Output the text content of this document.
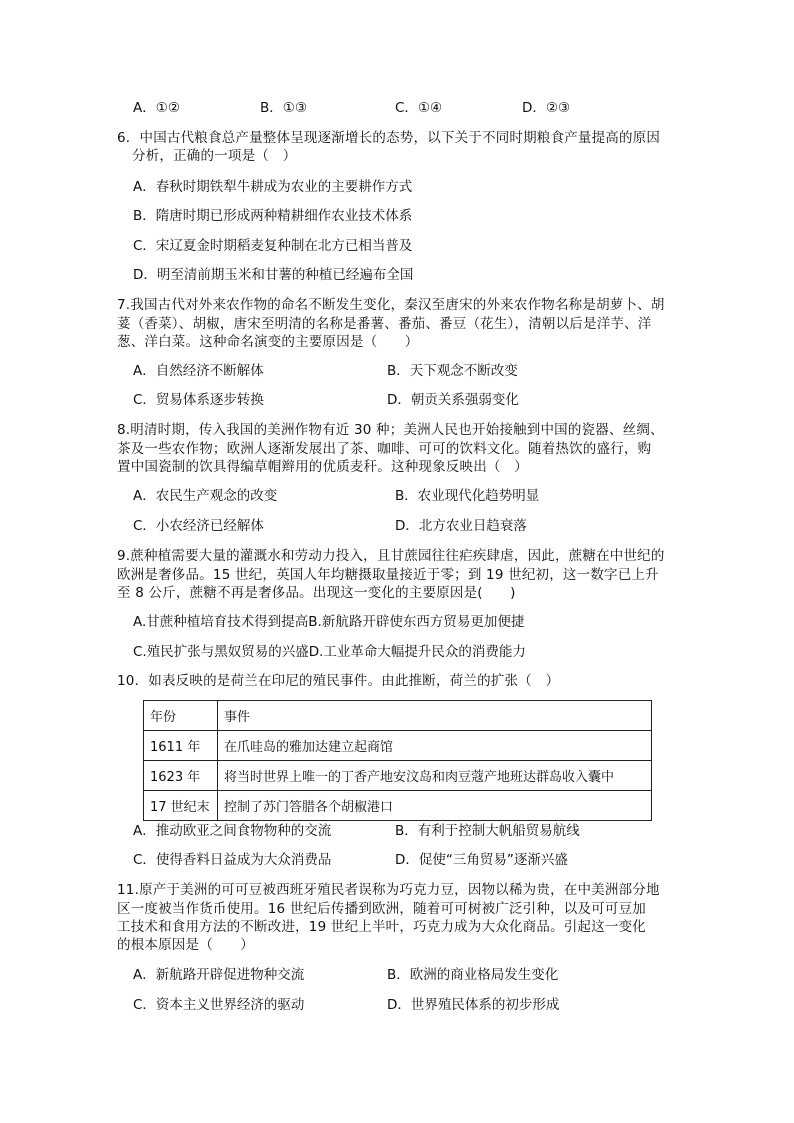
A．①②	B．①③	C．①④	D．②③
6．中国古代粮食总产量整体呈现逐渐增长的态势，以下关于不同时期粮食产量提高的原因
分析，正确的一项是（　）
A．春秋时期铁犁牛耕成为农业的主要耕作方式
B．隋唐时期已形成两种精耕细作农业技术体系
C．宋辽夏金时期稻麦复种制在北方已相当普及
D．明至清前期玉米和甘薯的种植已经遍布全国
7.我国古代对外来农作物的命名不断发生变化，秦汉至唐宋的外来农作物名称是胡萝卜、胡
荽（香菜）、胡椒，唐宋至明清的名称是番薯、番茄、番豆（花生），清朝以后是洋芋、洋
葱、洋白菜。这种命名演变的主要原因是（　　）
A．自然经济不断解体	B．天下观念不断改变
C．贸易体系逐步转换	D．朝贡关系强弱变化
8.明清时期，传入我国的美洲作物有近 30 种；美洲人民也开始接触到中国的瓷器、丝绸、
茶及一些农作物；欧洲人逐渐发展出了茶、咖啡、可可的饮料文化。随着热饮的盛行，购
置中国瓷制的饮具得编草帽辫用的优质麦秆。这种现象反映出（　）
A．农民生产观念的改变	B．农业现代化趋势明显
C．小农经济已经解体	D．北方农业日趋衰落
9.蔗种植需要大量的灌溉水和劳动力投入，且甘蔗园往往疟疾肆虐，因此，蔗糖在中世纪的
欧洲是奢侈品。15 世纪，英国人年均糖摄取量接近于零；到 19 世纪初，这一数字已上升
至 8 公斤，蔗糖不再是奢侈品。出现这一变化的主要原因是(　　)
A.甘蔗种植培育技术得到提高B.新航路开辟使东西方贸易更加便捷
C.殖民扩张与黑奴贸易的兴盛D.工业革命大幅提升民众的消费能力
10．如表反映的是荷兰在印尼的殖民事件。由此推断，荷兰的扩张（　）
年份	事件
1611 年	在爪哇岛的雅加达建立起商馆
1623 年	将当时世界上唯一的丁香产地安汶岛和肉豆蔻产地班达群岛收入囊中
17 世纪末	控制了苏门答腊各个胡椒港口
A．推动欧亚之间食物物种的交流	B．有利于控制大帆船贸易航线
C．使得香料日益成为大众消费品	D．促使“三角贸易”逐渐兴盛
11.原产于美洲的可可豆被西班牙殖民者误称为巧克力豆，因物以稀为贵，在中美洲部分地
区一度被当作货币使用。16 世纪后传播到欧洲，随着可可树被广泛引种，以及可可豆加
工技术和食用方法的不断改进，19 世纪上半叶，巧克力成为大众化商品。引起这一变化
的根本原因是（　　）
A．新航路开辟促进物种交流	B．欧洲的商业格局发生变化
C．资本主义世界经济的驱动	D．世界殖民体系的初步形成
